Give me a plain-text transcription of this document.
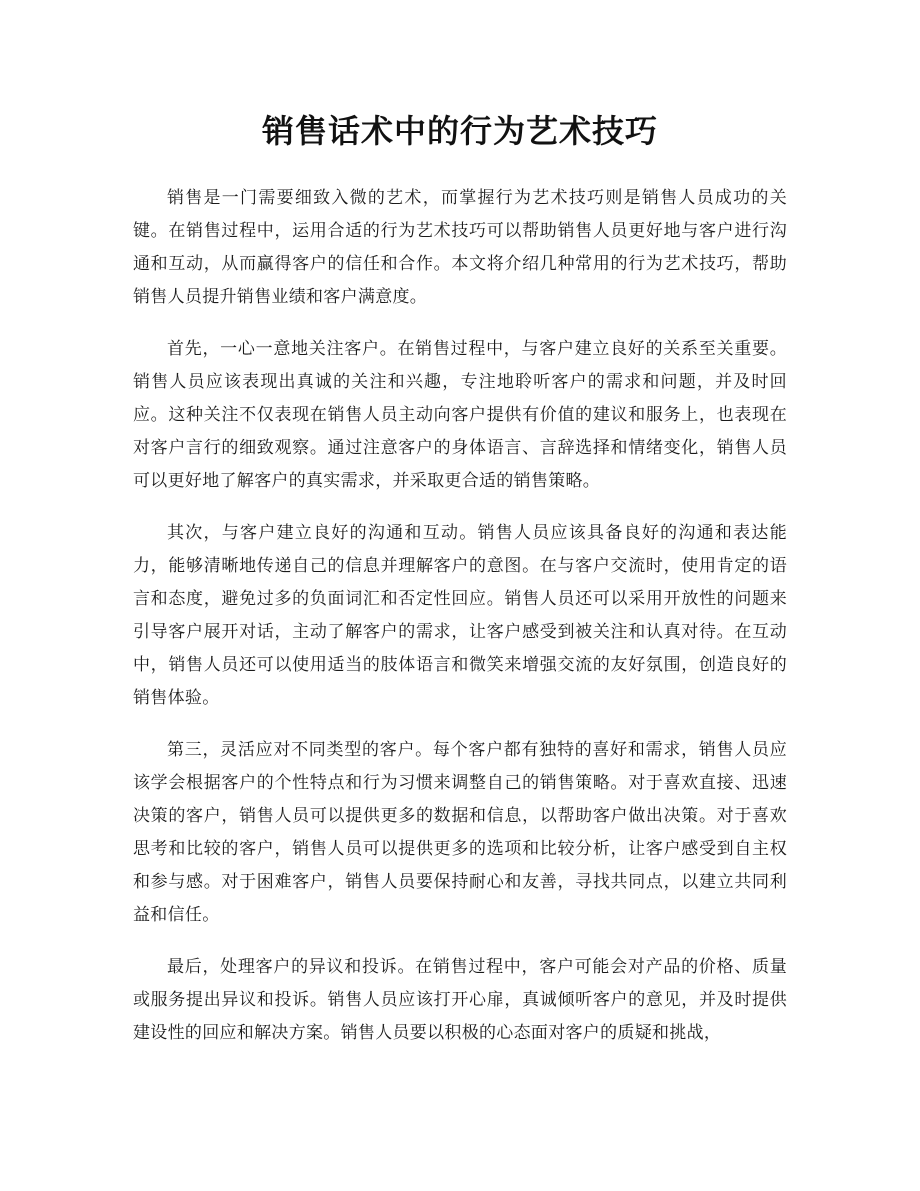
销售话术中的行为艺术技巧

销售是一门需要细致入微的艺术，而掌握行为艺术技巧则是销售人员成功的关键。在销售过程中，运用合适的行为艺术技巧可以帮助销售人员更好地与客户进行沟通和互动，从而赢得客户的信任和合作。本文将介绍几种常用的行为艺术技巧，帮助销售人员提升销售业绩和客户满意度。

首先，一心一意地关注客户。在销售过程中，与客户建立良好的关系至关重要。销售人员应该表现出真诚的关注和兴趣，专注地聆听客户的需求和问题，并及时回应。这种关注不仅表现在销售人员主动向客户提供有价值的建议和服务上，也表现在对客户言行的细致观察。通过注意客户的身体语言、言辞选择和情绪变化，销售人员可以更好地了解客户的真实需求，并采取更合适的销售策略。

其次，与客户建立良好的沟通和互动。销售人员应该具备良好的沟通和表达能力，能够清晰地传递自己的信息并理解客户的意图。在与客户交流时，使用肯定的语言和态度，避免过多的负面词汇和否定性回应。销售人员还可以采用开放性的问题来引导客户展开对话，主动了解客户的需求，让客户感受到被关注和认真对待。在互动中，销售人员还可以使用适当的肢体语言和微笑来增强交流的友好氛围，创造良好的销售体验。

第三，灵活应对不同类型的客户。每个客户都有独特的喜好和需求，销售人员应该学会根据客户的个性特点和行为习惯来调整自己的销售策略。对于喜欢直接、迅速决策的客户，销售人员可以提供更多的数据和信息，以帮助客户做出决策。对于喜欢思考和比较的客户，销售人员可以提供更多的选项和比较分析，让客户感受到自主权和参与感。对于困难客户，销售人员要保持耐心和友善，寻找共同点，以建立共同利益和信任。

最后，处理客户的异议和投诉。在销售过程中，客户可能会对产品的价格、质量或服务提出异议和投诉。销售人员应该打开心扉，真诚倾听客户的意见，并及时提供建设性的回应和解决方案。销售人员要以积极的心态面对客户的质疑和挑战，
